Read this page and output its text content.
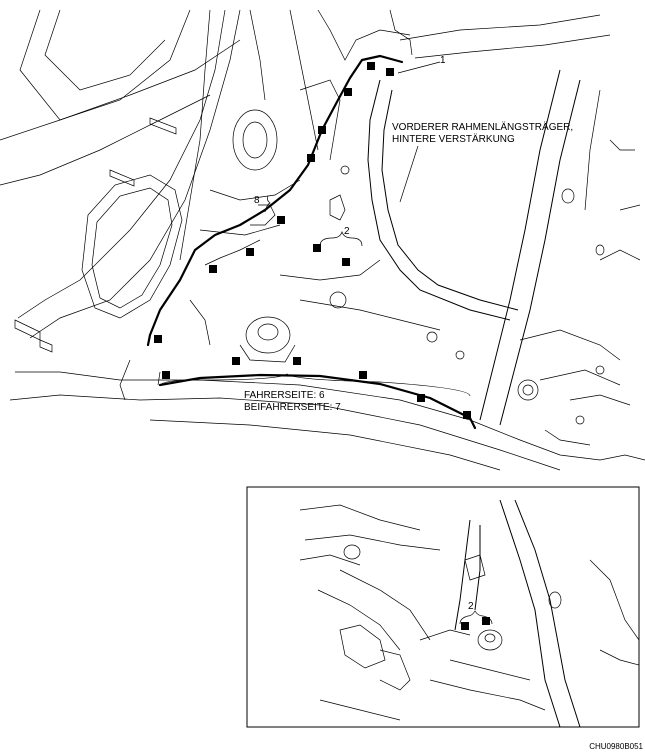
1
VORDERER RAHMENLÄNGSTRÄGER,
HINTERE VERSTÄRKUNG
8
2
FAHRERSEITE: 6
BEIFAHRERSEITE: 7
2
CHU0980B051
